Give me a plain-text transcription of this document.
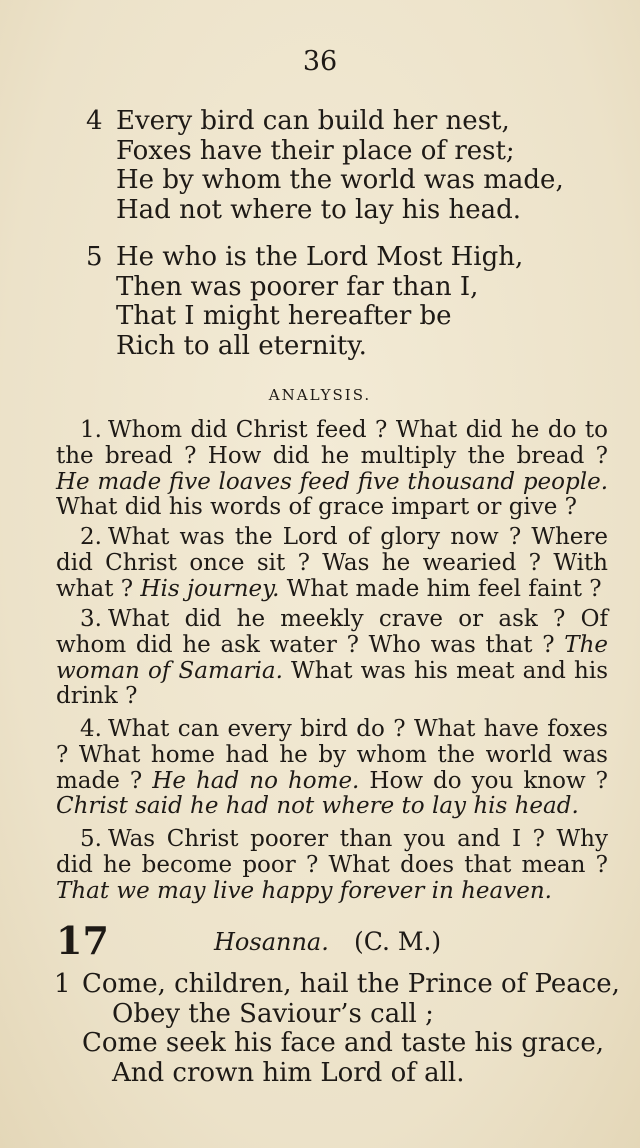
36
4 Every bird can build her nest,
Foxes have their place of rest;
He by whom the world was made,
Had not where to lay his head.
5 He who is the Lord Most High,
Then was poorer far than I,
That I might hereafter be
Rich to all eternity.
ANALYSIS.
1. Whom did Christ feed ? What did he do to the bread ? How did he multiply the bread ? He made five loaves feed five thousand people. What did his words of grace impart or give ?
2. What was the Lord of glory now ? Where did Christ once sit ? Was he wearied ? With what ? His journey. What made him feel faint ?
3. What did he meekly crave or ask ? Of whom did he ask water ? Who was that ? The woman of Samaria. What was his meat and his drink ?
4. What can every bird do ? What have foxes ? What home had he by whom the world was made ? He had no home. How do you know ? Christ said he had not where to lay his head.
5. Was Christ poorer than you and I ? Why did he become poor ? What does that mean ? That we may live happy forever in heaven.
17	Hosanna. (C. M.)
1 Come, children, hail the Prince of Peace,
Obey the Saviour’s call ;
Come seek his face and taste his grace,
And crown him Lord of all.
